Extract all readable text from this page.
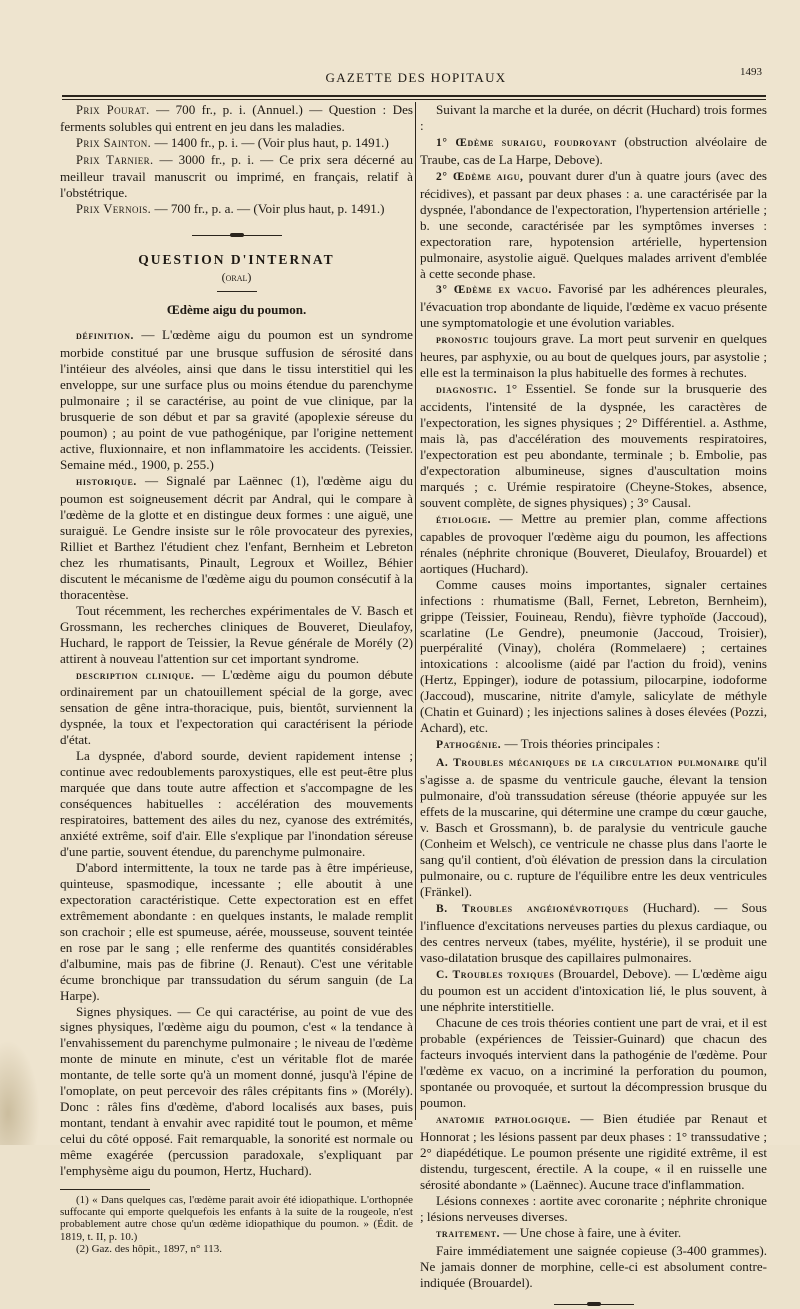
GAZETTE DES HOPITAUX	1493

Prix Pourat. — 700 fr., p. i. (Annuel.) — Question : Des ferments solubles qui entrent en jeu dans les maladies.

Prix Sainton. — 1400 fr., p. i. — (Voir plus haut, p. 1491.)

Prix Tarnier. — 3000 fr., p. i. — Ce prix sera décerné au meilleur travail manuscrit ou imprimé, en français, relatif à l'obstétrique.

Prix Vernois. — 700 fr., p. a. — (Voir plus haut, p. 1491.)

QUESTION D'INTERNAT
(oral)
Œdème aigu du poumon.

définition. — L'œdème aigu du poumon est un syndrome morbide constitué par une brusque suffusion de sérosité dans l'intéieur des alvéoles, ainsi que dans le tissu interstitiel qui les enveloppe, sur une surface plus ou moins étendue du parenchyme pulmonaire ; il se caractérise, au point de vue clinique, par la brusquerie de son début et par sa gravité (apoplexie séreuse du poumon) ; au point de vue pathogénique, par l'origine nettement active, fluxionnaire, et non inflammatoire les accidents. (Teissier. Semaine méd., 1900, p. 255.)

historique. — Signalé par Laënnec (1), l'œdème aigu du poumon est soigneusement décrit par Andral, qui le compare à l'œdème de la glotte et en distingue deux formes : une aiguë, une suraiguë. Le Gendre insiste sur le rôle provocateur des pyrexies, Rilliet et Barthez l'étudient chez l'enfant, Bernheim et Lebreton chez les rhumatisants, Pinault, Legroux et Woillez, Béhier discutent le mécanisme de l'œdème aigu du poumon consécutif à la thoracentèse.

Tout récemment, les recherches expérimentales de V. Basch et Grossmann, les recherches cliniques de Bouveret, Dieulafoy, Huchard, le rapport de Teissier, la Revue générale de Morély (2) attirent à nouveau l'attention sur cet important syndrome.

description clinique. — L'œdème aigu du poumon débute ordinairement par un chatouillement spécial de la gorge, avec sensation de gêne intra-thoracique, puis, bientôt, surviennent la dyspnée, la toux et l'expectoration qui caractérisent la période d'état.

La dyspnée, d'abord sourde, devient rapidement intense ; continue avec redoublements paroxystiques, elle est peut-être plus marquée que dans toute autre affection et s'accompagne de les conséquences habituelles : accélération des mouvements respiratoires, battement des ailes du nez, cyanose des extrémités, anxiété extrême, soif d'air. Elle s'explique par l'inondation séreuse d'une partie, souvent étendue, du parenchyme pulmonaire.

D'abord intermittente, la toux ne tarde pas à être impérieuse, quinteuse, spasmodique, incessante ; elle aboutit à une expectoration caractéristique. Cette expectoration est en effet extrêmement abondante : en quelques instants, le malade remplit son crachoir ; elle est spumeuse, aérée, mousseuse, souvent teintée en rose par le sang ; elle renferme des quantités considérables d'albumine, mais pas de fibrine (J. Renaut). C'est une véritable écume bronchique par transsudation du sérum sanguin (de La Harpe).

Signes physiques. — Ce qui caractérise, au point de vue des signes physiques, l'œdème aigu du poumon, c'est « la tendance à l'envahissement du parenchyme pulmonaire ; le niveau de l'œdème monte de minute en minute, c'est un véritable flot de marée montante, de telle sorte qu'à un moment donné, jusqu'à l'épine de l'omoplate, on peut percevoir des râles crépitants fins » (Morély). Donc : râles fins d'œdème, d'abord localisés aux bases, puis montant, tendant à envahir avec rapidité tout le poumon, et même celui du côté opposé. Fait remarquable, la sonorité est normale ou même exagérée (percussion paradoxale, s'expliquant par l'emphysème aigu du poumon, Hertz, Huchard).

(1) « Dans quelques cas, l'œdème parait avoir été idiopathique. L'orthopnée suffocante qui emporte quelquefois les enfants à la suite de la rougeole, n'est probablement autre chose qu'un œdème idiopathique du poumon. » (Édit. de 1819, t. II, p. 10.)

(2) Gaz. des hôpit., 1897, n° 113.

Suivant la marche et la durée, on décrit (Huchard) trois formes :

1° Œdème suraigu, foudroyant (obstruction alvéolaire de Traube, cas de La Harpe, Debove).

2° Œdème aigu, pouvant durer d'un à quatre jours (avec des récidives), et passant par deux phases : a. une caractérisée par la dyspnée, l'abondance de l'expectoration, l'hypertension artérielle ; b. une seconde, caractérisée par les symptômes inverses : expectoration rare, hypotension artérielle, hypertension pulmonaire, asystolie aiguë. Quelques malades arrivent d'emblée à cette seconde phase.

3° Œdème ex vacuo. Favorisé par les adhérences pleurales, l'évacuation trop abondante de liquide, l'œdème ex vacuo présente une symptomatologie et une évolution variables.

pronostic toujours grave. La mort peut survenir en quelques heures, par asphyxie, ou au bout de quelques jours, par asystolie ; elle est la terminaison la plus habituelle des formes à rechutes.

diagnostic. 1° Essentiel. Se fonde sur la brusquerie des accidents, l'intensité de la dyspnée, les caractères de l'expectoration, les signes physiques ; 2° Différentiel. a. Asthme, mais là, pas d'accélération des mouvements respiratoires, l'expectoration est peu abondante, terminale ; b. Embolie, pas d'expectoration albumineuse, signes d'auscultation moins marqués ; c. Urémie respiratoire (Cheyne-Stokes, absence, souvent complète, de signes physiques) ; 3° Causal.

étiologie. — Mettre au premier plan, comme affections capables de provoquer l'œdème aigu du poumon, les affections rénales (néphrite chronique (Bouveret, Dieulafoy, Brouardel) et aortiques (Huchard).

Comme causes moins importantes, signaler certaines infections : rhumatisme (Ball, Fernet, Lebreton, Bernheim), grippe (Teissier, Fouineau, Rendu), fièvre typhoïde (Jaccoud), scarlatine (Le Gendre), pneumonie (Jaccoud, Troisier), puerpéralité (Vinay), choléra (Rommelaere) ; certaines intoxications : alcoolisme (aidé par l'action du froid), venins (Hertz, Eppinger), iodure de potassium, pilocarpine, iodoforme (Jaccoud), muscarine, nitrite d'amyle, salicylate de méthyle (Chatin et Guinard) ; les injections salines à doses élevées (Pozzi, Achard), etc.

Pathogénie. — Trois théories principales :

A. Troubles mécaniques de la circulation pulmonaire qu'il s'agisse a. de spasme du ventricule gauche, élevant la tension pulmonaire, d'où transsudation séreuse (théorie appuyée sur les effets de la muscarine, qui détermine une crampe du cœur gauche, v. Basch et Grossmann), b. de paralysie du ventricule gauche (Conheim et Welsch), ce ventricule ne chasse plus dans l'aorte le sang qu'il contient, d'où élévation de pression dans la circulation pulmonaire, ou c. rupture de l'équilibre entre les deux ventricules (Fränkel).

B. Troubles angéionévrotiques (Huchard). — Sous l'influence d'excitations nerveuses parties du plexus cardiaque, ou des centres nerveux (tabes, myélite, hystérie), il se produit une vaso-dilatation brusque des capillaires pulmonaires.

C. Troubles toxiques (Brouardel, Debove). — L'œdème aigu du poumon est un accident d'intoxication lié, le plus souvent, à une néphrite interstitielle.

Chacune de ces trois théories contient une part de vrai, et il est probable (expériences de Teissier-Guinard) que chacun des facteurs invoqués intervient dans la pathogénie de l'œdème. Pour l'œdème ex vacuo, on a incriminé la perforation du poumon, spontanée ou provoquée, et surtout la décompression brusque du poumon.

anatomie pathologique. — Bien étudiée par Renaut et Honnorat ; les lésions passent par deux phases : 1° transsudative ; 2° diapédétique. Le poumon présente une rigidité extrême, il est distendu, turgescent, érectile. A la coupe, « il en ruisselle une sérosité abondante » (Laënnec). Aucune trace d'inflammation.

Lésions connexes : aortite avec coronarite ; néphrite chronique ; lésions nerveuses diverses.

traitement. — Une chose à faire, une à éviter.

Faire immédiatement une saignée copieuse (3-400 grammes). Ne jamais donner de morphine, celle-ci est absolument contre-indiquée (Brouardel).
